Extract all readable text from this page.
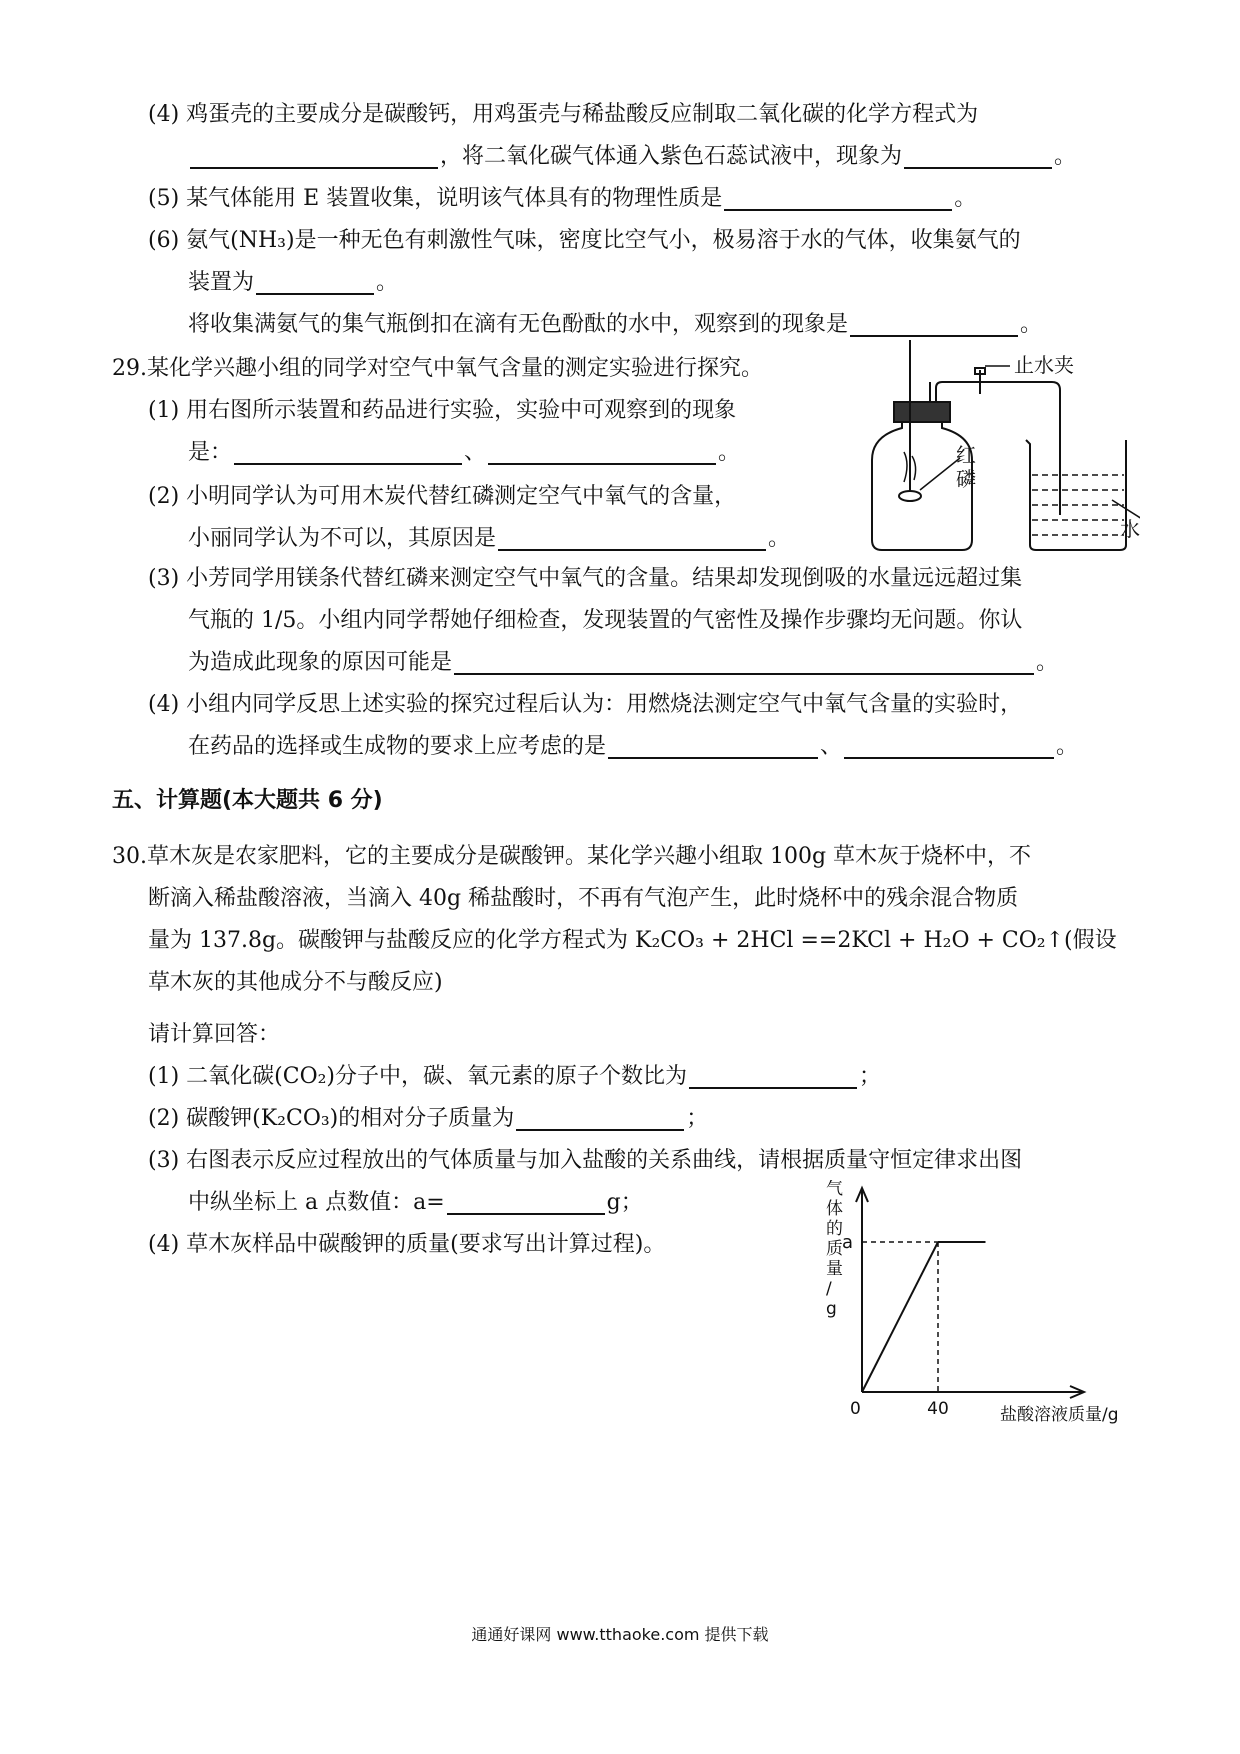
(4) 鸡蛋壳的主要成分是碳酸钙，用鸡蛋壳与稀盐酸反应制取二氧化碳的化学方程式为

，将二氧化碳气体通入紫色石蕊试液中，现象为	。

(5) 某气体能用 E 装置收集，说明该气体具有的物理性质是	。

(6) 氨气(NH₃)是一种无色有刺激性气味，密度比空气小，极易溶于水的气体，收集氨气的

装置为	。

将收集满氨气的集气瓶倒扣在滴有无色酚酞的水中，观察到的现象是	。

29.某化学兴趣小组的同学对空气中氧气含量的测定实验进行探究。

(1) 用右图所示装置和药品进行实验，实验中可观察到的现象

是：	、	。

(2) 小明同学认为可用木炭代替红磷测定空气中氧气的含量，

小丽同学认为不可以，其原因是	。

止水夹
红
磷
水

(3) 小芳同学用镁条代替红磷来测定空气中氧气的含量。结果却发现倒吸的水量远远超过集

气瓶的 1/5。小组内同学帮她仔细检查，发现装置的气密性及操作步骤均无问题。你认

为造成此现象的原因可能是	。

(4) 小组内同学反思上述实验的探究过程后认为：用燃烧法测定空气中氧气含量的实验时，

在药品的选择或生成物的要求上应考虑的是	、	。

五、计算题(本大题共 6 分)

30.草木灰是农家肥料，它的主要成分是碳酸钾。某化学兴趣小组取 100g 草木灰于烧杯中，不

断滴入稀盐酸溶液，当滴入 40g 稀盐酸时，不再有气泡产生，此时烧杯中的残余混合物质

量为 137.8g。碳酸钾与盐酸反应的化学方程式为 K₂CO₃ + 2HCl ==2KCl + H₂O + CO₂↑(假设

草木灰的其他成分不与酸反应)

请计算回答：

(1) 二氧化碳(CO₂)分子中，碳、氧元素的原子个数比为	；

(2) 碳酸钾(K₂CO₃)的相对分子质量为	；

(3) 右图表示反应过程放出的气体质量与加入盐酸的关系曲线，请根据质量守恒定律求出图

中纵坐标上 a 点数值：a=	g；

(4) 草木灰样品中碳酸钾的质量(要求写出计算过程)。

气
体
的
质
量
/
g
0	40
a
盐酸溶液质量/g
通通好课网 www.tthaoke.com 提供下载
